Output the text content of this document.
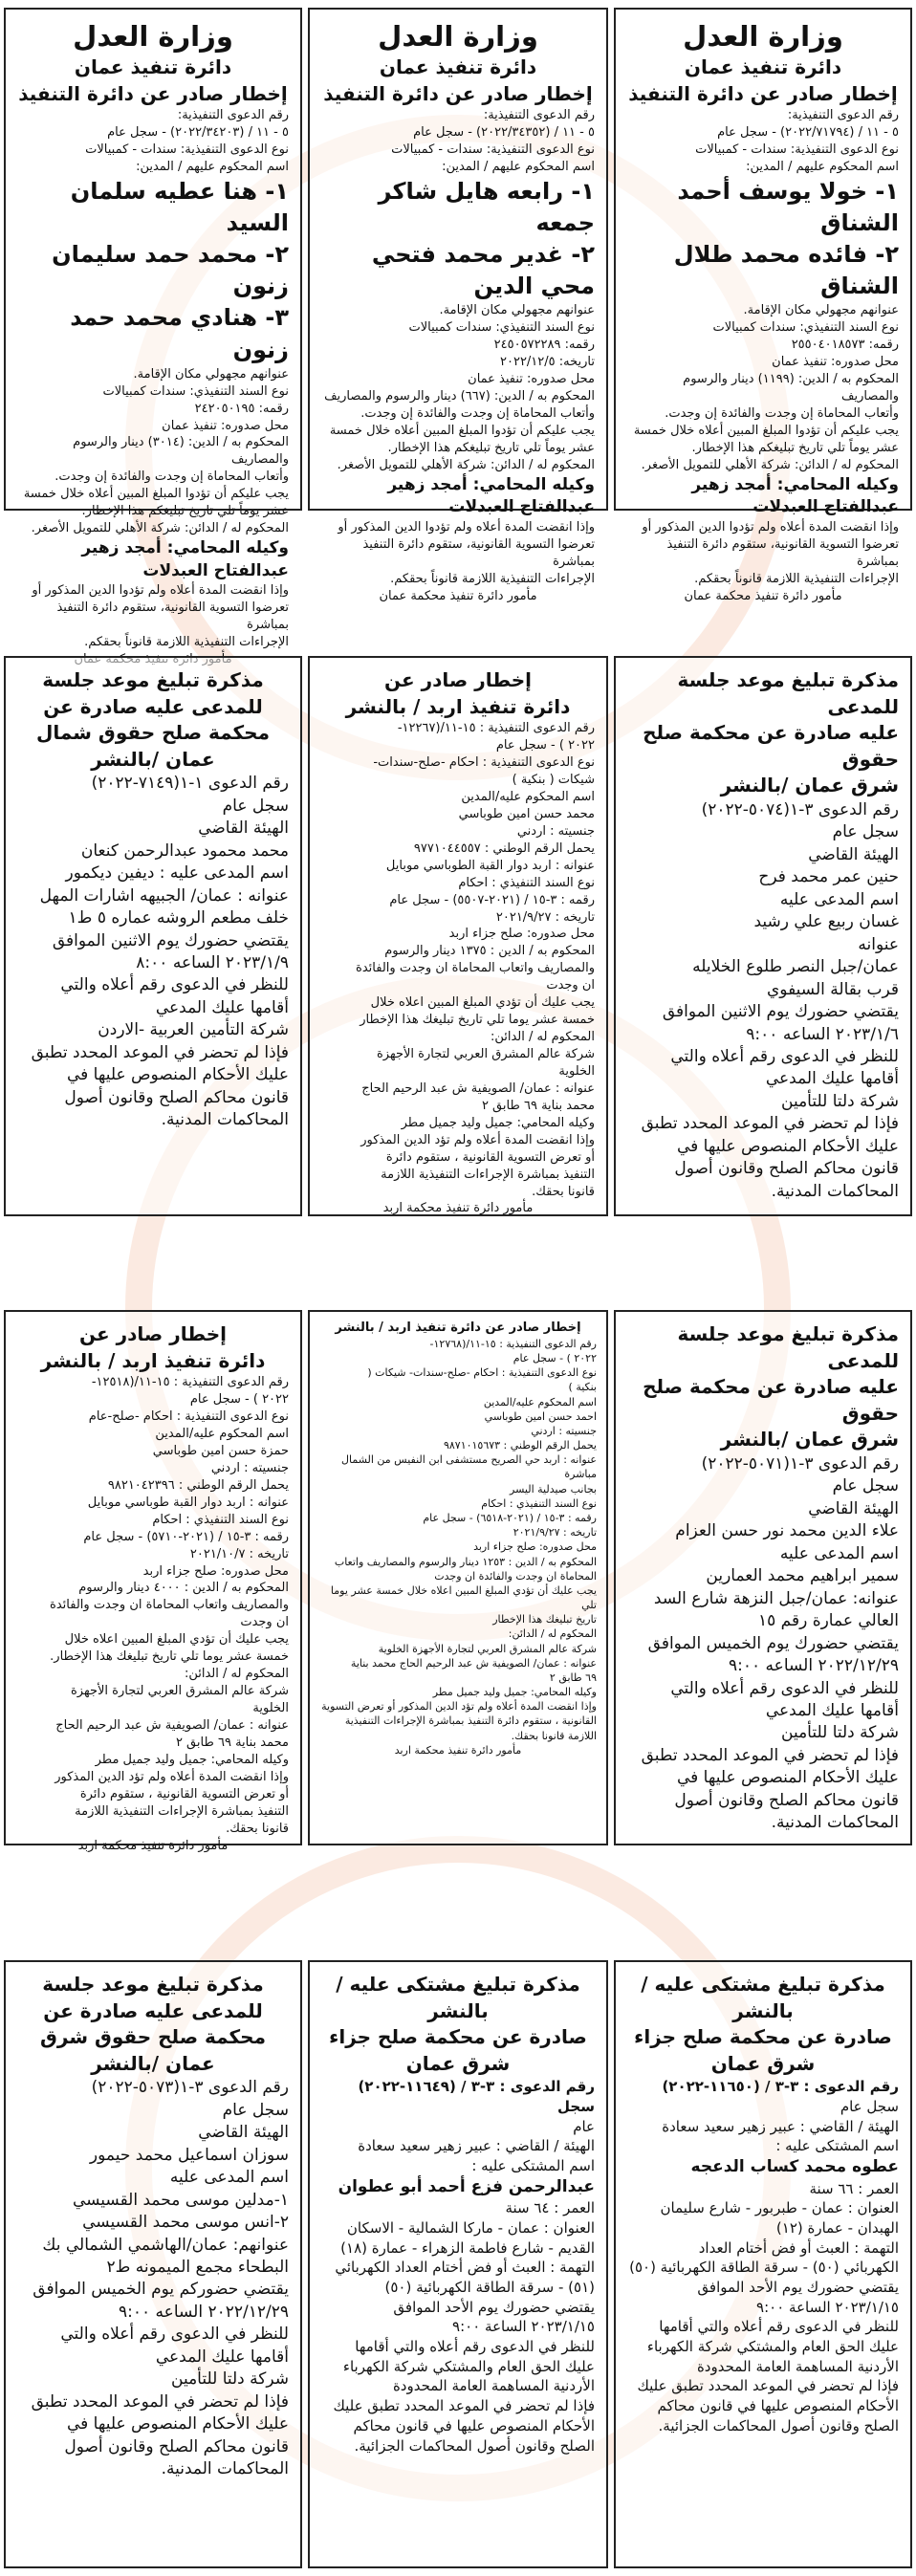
وزارة العدل

دائرة تنفيذ عمان

إخطار صادر عن دائرة التنفيذ

رقم الدعوى التنفيذية:

٥ - ١١ / (٢٠٢٢/٧١٧٩٤) - سجل عام

نوع الدعوى التنفيذية: سندات - كمبيالات

اسم المحكوم عليهم / المدين:

١- خولا يوسف أحمد الشناق

٢- فائده محمد طلال الشناق

عنوانهم مجهولي مكان الإقامة.

نوع السند التنفيذي: سندات كمبيالات

رقمه: ٢٥٥٠٤٠١٨٥٧٣

محل صدوره: تنفيذ عمان

المحكوم به / الدين: (١١٩٩) دينار والرسوم والمصاريف

وأتعاب المحاماة إن وجدت والفائدة إن وجدت.

يجب عليكم أن تؤدوا المبلغ المبين أعلاه خلال خمسة

عشر يوماً تلي تاريخ تبليغكم هذا الإخطار.

المحكوم له / الدائن: شركة الأهلي للتمويل الأصغر.

وكيله المحامي: أمجد زهير عبدالفتاح العبدلات

وإذا انقضت المدة أعلاه ولم تؤدوا الدين المذكور أو

تعرضوا التسوية القانونية، ستقوم دائرة التنفيذ بمباشرة

الإجراءات التنفيذية اللازمة قانوناً بحقكم.

مأمور دائرة تنفيذ محكمة عمان

وزارة العدل

دائرة تنفيذ عمان

إخطار صادر عن دائرة التنفيذ

رقم الدعوى التنفيذية:

٥ - ١١ / (٢٠٢٢/٣٤٣٥٢) - سجل عام

نوع الدعوى التنفيذية: سندات - كمبيالات

اسم المحكوم عليهم / المدين:

١- رابعه هايل شاكر جمعه

٢- غدير محمد فتحي محي الدين

عنوانهم مجهولي مكان الإقامة.

نوع السند التنفيذي: سندات كمبيالات

رقمه: ٢٤٥٠٥٧٢٢٨٩

تاريخه: ٢٠٢٢/١٢/٥

محل صدوره: تنفيذ عمان

المحكوم به / الدين: (٦٦٧) دينار والرسوم والمصاريف

وأتعاب المحاماة إن وجدت والفائدة إن وجدت.

يجب عليكم أن تؤدوا المبلغ المبين أعلاه خلال خمسة

عشر يوماً تلي تاريخ تبليغكم هذا الإخطار.

المحكوم له / الدائن: شركة الأهلي للتمويل الأصغر.

وكيله المحامي: أمجد زهير عبدالفتاح العبدلات

وإذا انقضت المدة أعلاه ولم تؤدوا الدين المذكور أو

تعرضوا التسوية القانونية، ستقوم دائرة التنفيذ بمباشرة

الإجراءات التنفيذية اللازمة قانوناً بحقكم.

مأمور دائرة تنفيذ محكمة عمان

وزارة العدل

دائرة تنفيذ عمان

إخطار صادر عن دائرة التنفيذ

رقم الدعوى التنفيذية:

٥ - ١١ / (٢٠٢٢/٣٤٢٠٣) - سجل عام

نوع الدعوى التنفيذية: سندات - كمبيالات

اسم المحكوم عليهم / المدين:

١- هنا عطيه سلمان السيد

٢- محمد حمد سليمان زنون

٣- هنادي محمد حمد زنون

عنوانهم مجهولي مكان الإقامة.

نوع السند التنفيذي: سندات كمبيالات

رقمه: ٢٤٢٠٥٠١٩٥

محل صدوره: تنفيذ عمان

المحكوم به / الدين: (٣٠١٤) دينار والرسوم والمصاريف

وأتعاب المحاماة إن وجدت والفائدة إن وجدت.

يجب عليكم أن تؤدوا المبلغ المبين أعلاه خلال خمسة

عشر يوماً تلي تاريخ تبليغكم هذا الإخطار.

المحكوم له / الدائن: شركة الأهلي للتمويل الأصغر.

وكيله المحامي: أمجد زهير عبدالفتاح العبدلات

وإذا انقضت المدة أعلاه ولم تؤدوا الدين المذكور أو

تعرضوا التسوية القانونية، ستقوم دائرة التنفيذ بمباشرة

الإجراءات التنفيذية اللازمة قانوناً بحقكم.

مذكرة تبليغ موعد جلسة للمدعى

عليه صادرة عن محكمة صلح حقوق

شرق عمان /بالنشر

رقم الدعوى ٣-١(٥٠٧٤-٢٠٢٢)

سجل عام

الهيئة القاضي

حنين عمر محمد فرح

اسم المدعى عليه

غسان ربيع علي رشيد

عنوانه

عمان/جبل النصر طلوع الخلايله

قرب بقالة السيفوي

يقتضي حضورك يوم الاثنين الموافق

٢٠٢٣/١/٦ الساعه ٩:٠٠

للنظر في الدعوى رقم أعلاه والتي

أقامها عليك المدعي

شركة دلتا للتأمين

فإذا لم تحضر في الموعد المحدد تطبق

عليك الأحكام المنصوص عليها في

قانون محاكم الصلح وقانون أصول

المحاكمات المدنية.

إخطار صادر عن

دائرة تنفيذ اربد / بالنشر

رقم الدعوى التنفيذية : ١٥-١١/(١٢٢٦٧-

٢٠٢٢ ) - سجل عام

نوع الدعوى التنفيذية : احكام -صلح-سندات-

شيكات ( بنكية )

اسم المحكوم عليه/المدين

محمد حسن امين طوباسي

جنسيته : اردني

يحمل الرقم الوطني : ٩٧٧١٠٤٤٥٥٧

عنوانه : اربد دوار القبة الطوباسي موبايل

نوع السند التنفيذي : احكام

رقمه : ٣-١٥ / (٢٠٢١-٥٥٠٧) - سجل عام

تاريخه : ٢٠٢١/٩/٢٧

محل صدوره: صلح جزاء اربد

المحكوم به / الدين : ١٣٧٥ دينار والرسوم

والمصاريف واتعاب المحاماة ان وجدت والفائدة

ان وجدت

يجب عليك أن تؤدي المبلغ المبين اعلاه خلال

خمسة عشر يوما تلي تاريخ تبليغك هذا الإخطار

المحكوم له / الدائن:

شركة عالم المشرق العربي لتجارة الأجهزة

الخلوية

عنوانه : عمان/ الصويفية ش عبد الرحيم الحاج

محمد بناية ٦٩ طابق ٢

وكيله المحامي: جميل وليد جميل مطر

وإذا انقضت المدة أعلاه ولم تؤد الدين المذكور

أو تعرض التسوية القانونية ، ستقوم دائرة

التنفيذ بمباشرة الإجراءات التنفيذية اللازمة

قانونا بحقك.

مأمور دائرة تنفيذ محكمة اربد

مذكرة تبليغ موعد جلسة

للمدعى عليه صادرة عن

محكمة صلح حقوق شمال

عمان /بالنشر

رقم الدعوى ١-١(٧١٤٩-٢٠٢٢)

سجل عام

الهيئة القاضي

محمد محمود عبدالرحمن كنعان

اسم المدعى عليه : ديفين ديكمور

عنوانه : عمان/ الجبيهه اشارات المهل

خلف مطعم الروشه عماره ٥ ط١

يقتضي حضورك يوم الاثنين الموافق

٢٠٢٣/١/٩ الساعه ٨:٠٠

للنظر في الدعوى رقم أعلاه والتي

أقامها عليك المدعي

شركة التأمين العربية -الاردن

فإذا لم تحضر في الموعد المحدد تطبق

عليك الأحكام المنصوص عليها في

قانون محاكم الصلح وقانون أصول

المحاكمات المدنية.

مذكرة تبليغ موعد جلسة للمدعى

عليه صادرة عن محكمة صلح حقوق

شرق عمان /بالنشر

رقم الدعوى ٣-١(٥٠٧١-٢٠٢٢)

سجل عام

الهيئة القاضي

علاء الدين محمد نور حسن العزام

اسم المدعى عليه

سمير ابراهيم محمد العمارين

عنوانه: عمان/جبل النزهة شارع السد

العالي عمارة رقم ١٥

يقتضي حضورك يوم الخميس الموافق

٢٠٢٢/١٢/٢٩ الساعه ٩:٠٠

للنظر في الدعوى رقم أعلاه والتي

أقامها عليك المدعي

شركة دلتا للتأمين

فإذا لم تحضر في الموعد المحدد تطبق

عليك الأحكام المنصوص عليها في

قانون محاكم الصلح وقانون أصول

المحاكمات المدنية.

إخطار صادر عن دائرة تنفيذ اربد / بالنشر

رقم الدعوى التنفيذية : ١٥-١١/(١٢٧٦٨-

٢٠٢٢ ) - سجل عام

نوع الدعوى التنفيذية : احكام -صلح-سندات- شيكات (

بنكية )

اسم المحكوم عليه/المدين

احمد حسن امين طوباسي

جنسيته : اردني

يحمل الرقم الوطني : ٩٨٧١٠١٥٦٧٣

عنوانه : اربد حي الصريح مستشفى ابن النفيس من الشمال مباشرة

بجانب صيدلية اليسر

نوع السند التنفيذي : احكام

رقمه : ٣-١٥ / (٢٠٢١-٦٥١٨) - سجل عام

تاريخه : ٢٠٢١/٩/٢٧

محل صدوره: صلح جزاء اربد

المحكوم به / الدين : ١٢٥٣ دينار والرسوم والمصاريف واتعاب

المحاماة ان وجدت والفائدة ان وجدت

يجب عليك أن تؤدي المبلغ المبين اعلاه خلال خمسة عشر يوما تلي

تاريخ تبليغك هذا الإخطار

المحكوم له / الدائن:

شركة عالم المشرق العربي لتجارة الأجهزة الخلوية

عنوانه : عمان/ الصويفية ش عبد الرحيم الحاج محمد بناية

٦٩ طابق ٢

وكيله المحامي: جميل وليد جميل مطر

وإذا انقضت المدة أعلاه ولم تؤد الدين المذكور أو تعرض التسوية

القانونية ، ستقوم دائرة التنفيذ بمباشرة الإجراءات التنفيذية

اللازمة قانونا بحقك.

مأمور دائرة تنفيذ محكمة اربد

إخطار صادر عن

دائرة تنفيذ اربد / بالنشر

رقم الدعوى التنفيذية : ١٥-١١/(١٢٥١٨-

٢٠٢٢ ) - سجل عام

نوع الدعوى التنفيذية : احكام -صلح-عام

اسم المحكوم عليه/المدين

حمزة حسن امين طوباسي

جنسيته : اردني

يحمل الرقم الوطني : ٩٨٢١٠٤٢٣٩٦

عنوانه : اربد دوار القبة طوباسي موبايل

نوع السند التنفيذي : احكام

رقمه : ٣-١٥ / (٢٠٢١-٥٧١٠) - سجل عام

تاريخه : ٢٠٢١/١٠/٧

محل صدوره: صلح جزاء اربد

المحكوم به / الدين : ٤٠٠٠ دينار والرسوم

والمصاريف واتعاب المحاماة ان وجدت والفائدة

ان وجدت

يجب عليك أن تؤدي المبلغ المبين اعلاه خلال

خمسة عشر يوما تلي تاريخ تبليغك هذا الإخطار.

المحكوم له / الدائن:

شركة عالم المشرق العربي لتجارة الأجهزة

الخلوية

عنوانه : عمان/ الصويفية ش عبد الرحيم الحاج

محمد بناية ٦٩ طابق ٢

وكيله المحامي: جميل وليد جميل مطر

وإذا انقضت المدة أعلاه ولم تؤد الدين المذكور

أو تعرض التسوية القانونية ، ستقوم دائرة

التنفيذ بمباشرة الإجراءات التنفيذية اللازمة

قانونا بحقك.

مأمور دائرة تنفيذ محكمة اربد

مذكرة تبليغ مشتكى عليه /

بالنشر

صادرة عن محكمة صلح جزاء

شرق عمان

رقم الدعوى : ٣-٣ / (١١٦٥٠-٢٠٢٢)

سجل عام

الهيئة / القاضي : عبير زهير سعيد سعادة

اسم المشتكى عليه :

عطوه محمد كساب الدعجه

العمر : ٦٦ سنة

العنوان : عمان - طبربور - شارع سليمان

الهبدان - عمارة (١٢)

التهمة : العبث أو فض أختام العداد

الكهربائي (٥٠) - سرقة الطاقة الكهربائية (٥٠)

يقتضي حضورك يوم الأحد الموافق

٢٠٢٣/١/١٥ الساعة ٩:٠٠

للنظر في الدعوى رقم أعلاه والتي أقامها

عليك الحق العام والمشتكي شركة الكهرباء

الأردنية المساهمة العامة المحدودة

فإذا لم تحضر في الموعد المحدد تطبق عليك

الأحكام المنصوص عليها في قانون محاكم

الصلح وقانون أصول المحاكمات الجزائية.

مذكرة تبليغ مشتكى عليه /

بالنشر

صادرة عن محكمة صلح جزاء

شرق عمان

رقم الدعوى : ٣-٣ / (١١٦٤٩-٢٠٢٢) سجل

عام

الهيئة / القاضي : عبير زهير سعيد سعادة

اسم المشتكى عليه :

عبدالرحمن فزع أحمد أبو عطوان

العمر : ٦٤ سنة

العنوان : عمان - ماركا الشمالية - الاسكان

القديم - شارع فاطمة الزهراء - عمارة (١٨)

التهمة : العبث أو فض أختام العداد الكهربائي

(٥١) - سرقة الطاقة الكهربائية (٥٠)

يقتضي حضورك يوم الأحد الموافق

٢٠٢٣/١/١٥ الساعة ٩:٠٠

للنظر في الدعوى رقم أعلاه والتي أقامها

عليك الحق العام والمشتكي شركة الكهرباء

الأردنية المساهمة العامة المحدودة

فإذا لم تحضر في الموعد المحدد تطبق عليك

الأحكام المنصوص عليها في قانون محاكم

الصلح وقانون أصول المحاكمات الجزائية.

مذكرة تبليغ موعد جلسة

للمدعى عليه صادرة عن

محكمة صلح حقوق شرق

عمان /بالنشر

رقم الدعوى ٣-١(٥٠٧٣-٢٠٢٢)

سجل عام

الهيئة القاضي

سوزان اسماعيل محمد حيمور

اسم المدعى عليه

١-مدلين موسى محمد القسيسي

٢-انس موسى محمد القسيسي

عنوانهم: عمان/الهاشمي الشمالي بك

البطحاء مجمع الميمونه ط٢

يقتضي حضوركم يوم الخميس الموافق

٢٠٢٢/١٢/٢٩ الساعه ٩:٠٠

للنظر في الدعوى رقم أعلاه والتي

أقامها عليك المدعي

شركة دلتا للتأمين

فإذا لم تحضر في الموعد المحدد تطبق

عليك الأحكام المنصوص عليها في

قانون محاكم الصلح وقانون أصول

المحاكمات المدنية.
